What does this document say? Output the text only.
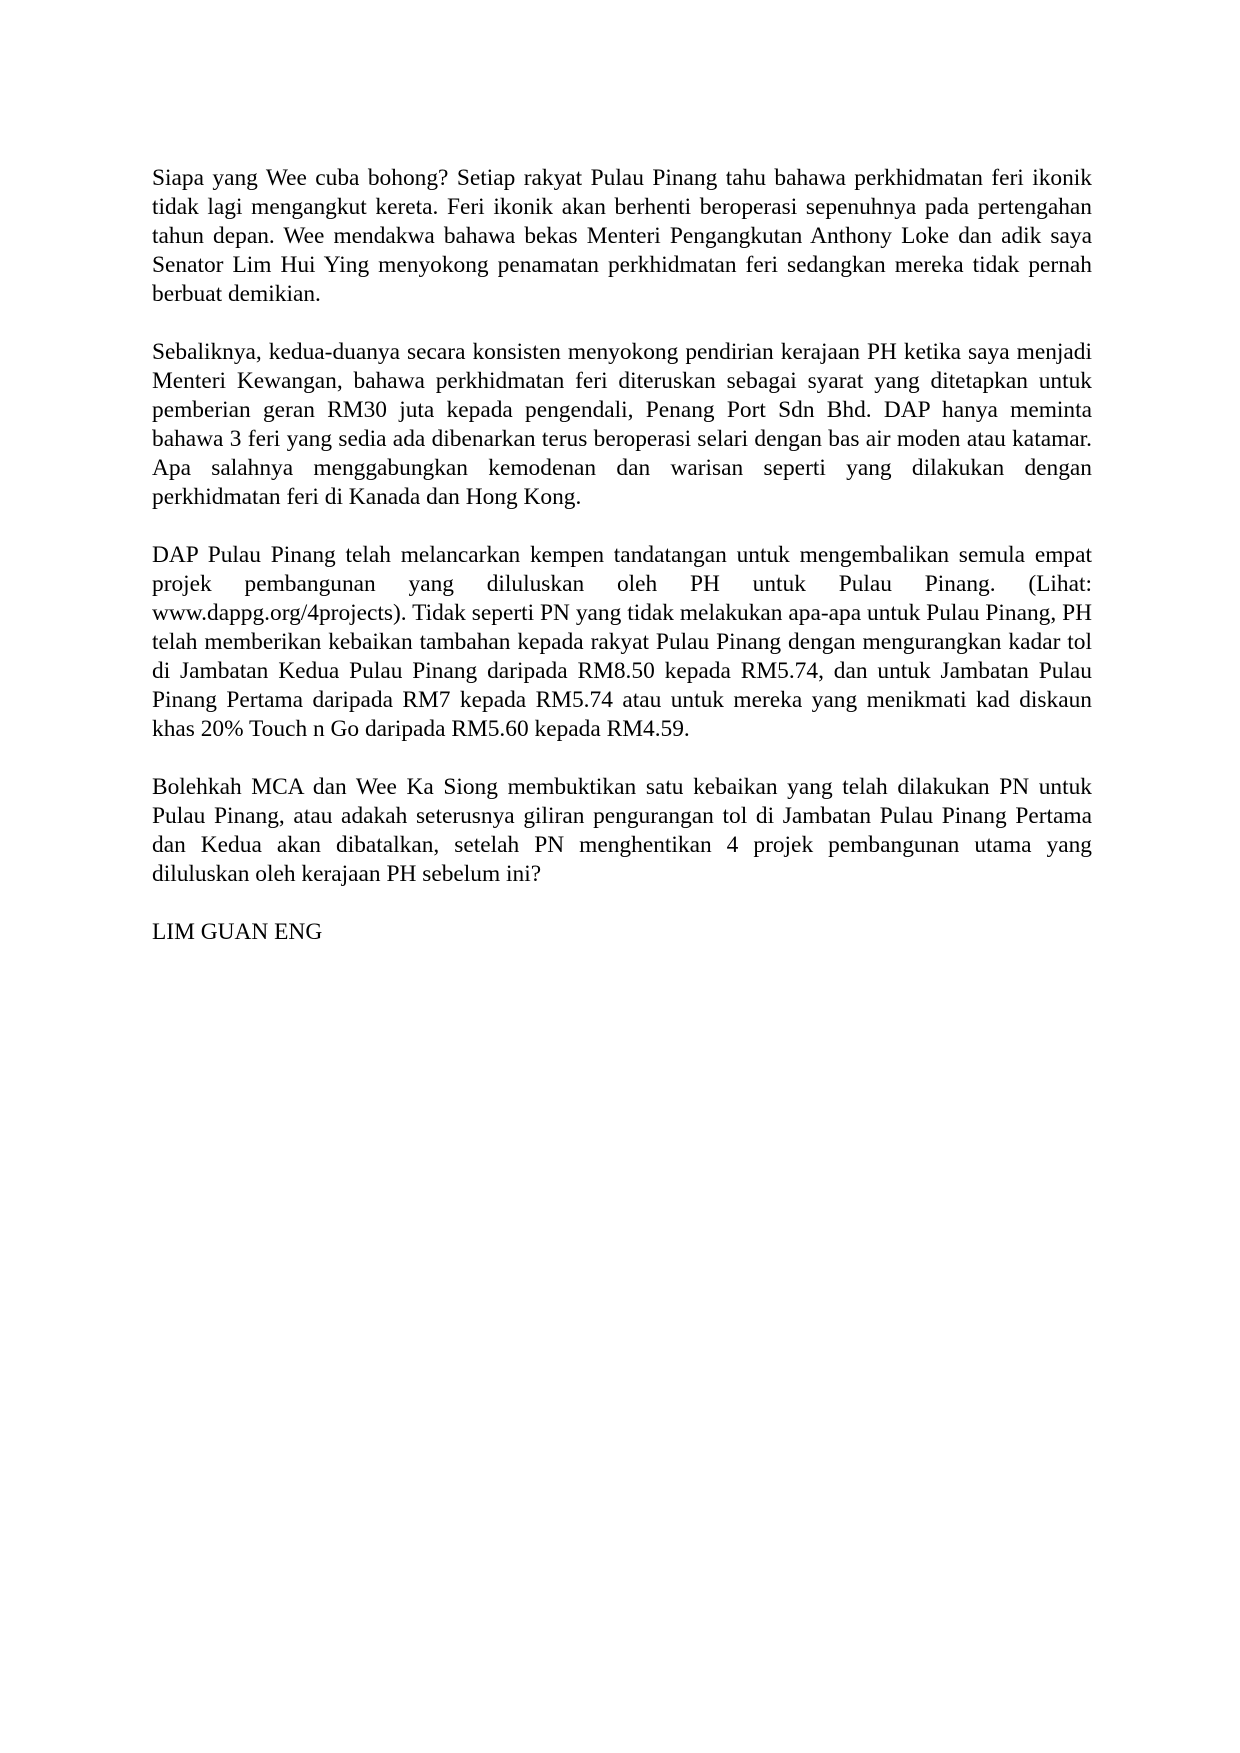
Siapa yang Wee cuba bohong? Setiap rakyat Pulau Pinang tahu bahawa perkhidmatan feri ikonik tidak lagi mengangkut kereta. Feri ikonik akan berhenti beroperasi sepenuhnya pada pertengahan tahun depan. Wee mendakwa bahawa bekas Menteri Pengangkutan Anthony Loke dan adik saya Senator Lim Hui Ying menyokong penamatan perkhidmatan feri sedangkan mereka tidak pernah berbuat demikian.

Sebaliknya, kedua-duanya secara konsisten menyokong pendirian kerajaan PH ketika saya menjadi Menteri Kewangan, bahawa perkhidmatan feri diteruskan sebagai syarat yang ditetapkan untuk pemberian geran RM30 juta kepada pengendali, Penang Port Sdn Bhd. DAP hanya meminta bahawa 3 feri yang sedia ada dibenarkan terus beroperasi selari dengan bas air moden atau katamar. Apa salahnya menggabungkan kemodenan dan warisan seperti yang dilakukan dengan perkhidmatan feri di Kanada dan Hong Kong.

DAP Pulau Pinang telah melancarkan kempen tandatangan untuk mengembalikan semula empat projek pembangunan yang diluluskan oleh PH untuk Pulau Pinang. (Lihat: www.dappg.org/4projects). Tidak seperti PN yang tidak melakukan apa-apa untuk Pulau Pinang, PH telah memberikan kebaikan tambahan kepada rakyat Pulau Pinang dengan mengurangkan kadar tol di Jambatan Kedua Pulau Pinang daripada RM8.50 kepada RM5.74, dan untuk Jambatan Pulau Pinang Pertama daripada RM7 kepada RM5.74 atau untuk mereka yang menikmati kad diskaun khas 20% Touch n Go daripada RM5.60 kepada RM4.59.

Bolehkah MCA dan Wee Ka Siong membuktikan satu kebaikan yang telah dilakukan PN untuk Pulau Pinang, atau adakah seterusnya giliran pengurangan tol di Jambatan Pulau Pinang Pertama dan Kedua akan dibatalkan, setelah PN menghentikan 4 projek pembangunan utama yang diluluskan oleh kerajaan PH sebelum ini?

LIM GUAN ENG
